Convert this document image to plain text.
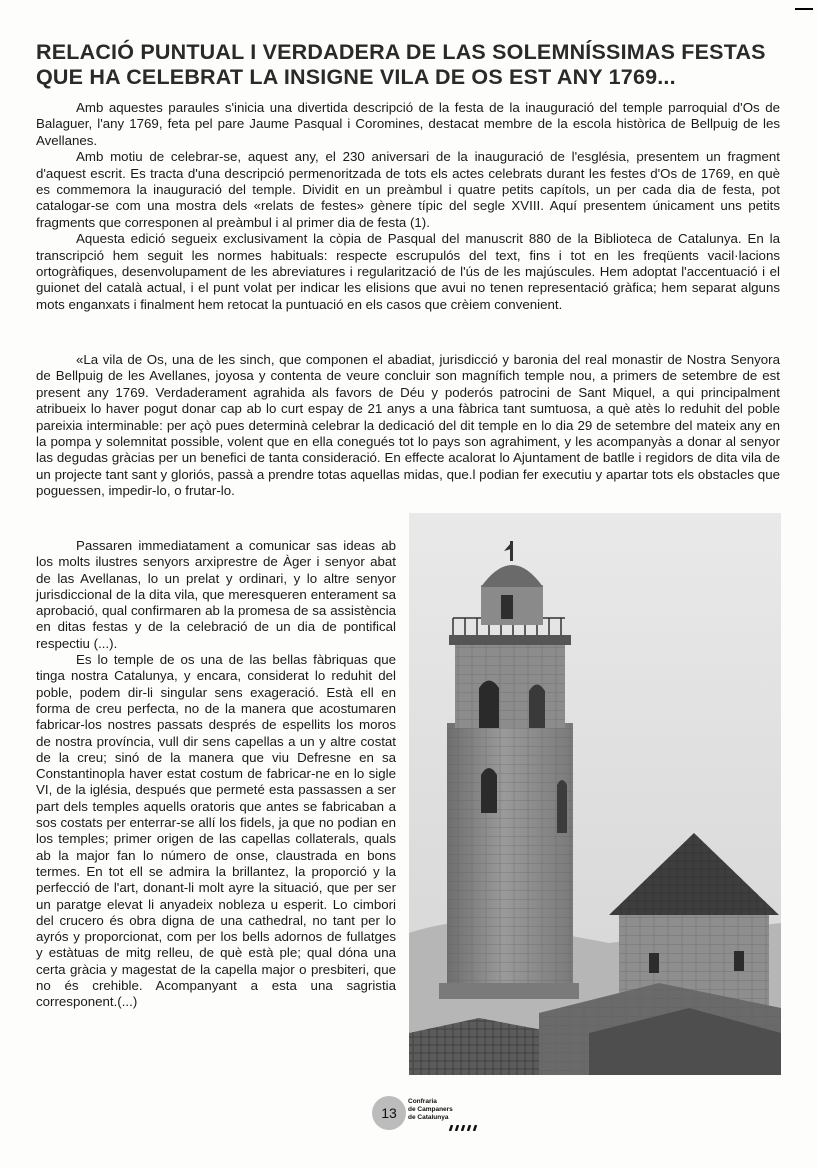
RELACIÓ PUNTUAL I VERDADERA DE LAS SOLEMNÍSSIMAS FESTAS
QUE HA CELEBRAT LA INSIGNE VILA DE OS EST ANY 1769...

Amb aquestes paraules s'inicia una divertida descripció de la festa de la inauguració del temple parroquial d'Os de Balaguer, l'any 1769, feta pel pare Jaume Pasqual i Coromines, destacat membre de la escola històrica de Bellpuig de les Avellanes.

Amb motiu de celebrar-se, aquest any, el 230 aniversari de la inauguració de l'església, presentem un fragment d'aquest escrit. Es tracta d'una descripció permenoritzada de tots els actes celebrats durant les festes d'Os de 1769, en què es commemora la inauguració del temple. Dividit en un preàmbul i quatre petits capítols, un per cada dia de festa, pot catalogar-se com una mostra dels «relats de festes» gènere típic del segle XVIII. Aquí presentem únicament uns petits fragments que corresponen al preàmbul i al primer dia de festa (1).

Aquesta edició segueix exclusivament la còpia de Pasqual del manuscrit 880 de la Biblioteca de Catalunya. En la transcripció hem seguit les normes habituals: respecte escrupulós del text, fins i tot en les freqüents vacil·lacions ortogràfiques, desenvolupament de les abreviatures i regularització de l'ús de les majúscules. Hem adoptat l'accentuació i el guionet del català actual, i el punt volat per indicar les elisions que avui no tenen representació gràfica; hem separat alguns mots enganxats i finalment hem retocat la puntuació en els casos que crèiem convenient.

«La vila de Os, una de les sinch, que componen el abadiat, jurisdicció y baronia del real monastir de Nostra Senyora de Bellpuig de les Avellanes, joyosa y contenta de veure concluir son magnífich temple nou, a primers de setembre de est present any 1769. Verdaderament agrahida als favors de Déu y poderós patrocini de Sant Miquel, a qui principalment atribueix lo haver pogut donar cap ab lo curt espay de 21 anys a una fàbrica tant sumtuosa, a què atès lo reduhit del poble pareixia interminable: per açò pues determinà celebrar la dedicació del dit temple en lo dia 29 de setembre del mateix any en la pompa y solemnitat possible, volent que en ella conegués tot lo pays son agrahiment, y les acompanyàs a donar al senyor las degudas gràcias per un benefici de tanta consideració. En effecte acalorat lo Ajuntament de batlle i regidors de dita vila de un projecte tant sant y gloriós, passà a prendre totas aquellas midas, que.l podian fer executiu y apartar tots els obstacles que poguessen, impedir-lo, o frutar-lo.

Passaren immediatament a comunicar sas ideas ab los molts ilustres senyors arxiprestre de Àger i senyor abat de las Avellanas, lo un prelat y ordinari, y lo altre senyor jurisdiccional de la dita vila, que meresqueren enterament sa aprobació, qual confirmaren ab la promesa de sa assistència en ditas festas y de la celebració de un dia de pontifical respectiu (...).

Es lo temple de os una de las bellas fàbriquas que tinga nostra Catalunya, y encara, considerat lo reduhit del poble, podem dir-li singular sens exageració. Està ell en forma de creu perfecta, no de la manera que acostumaren fabricar-los nostres passats després de espellits los moros de nostra província, vull dir sens capellas a un y altre costat de la creu; sinó de la manera que viu Defresne en sa Constantinopla haver estat costum de fabricar-ne en lo sigle VI, de la iglésia, después que permeté esta passassen a ser part dels temples aquells oratoris que antes se fabricaban a sos costats per enterrar-se allí los fidels, ja que no podian en los temples; primer origen de las capellas collaterals, quals ab la major fan lo número de onse, claustrada en bons termes. En tot ell se admira la brillantez, la proporció y la perfecció de l'art, donant-li molt ayre la situació, que per ser un paratge elevat li anyadeix nobleza u esperit. Lo cimbori del crucero és obra digna de una cathedral, no tant per lo ayrós y proporcionat, com per los bells adornos de fullatges y estàtuas de mitg relleu, de què està ple; qual dóna una certa gràcia y magestat de la capella major o presbiteri, que no és crehible. Acompanyant a esta una sagristia corresponent.(...)

13
Confraria
de Campaners
de Catalunya
